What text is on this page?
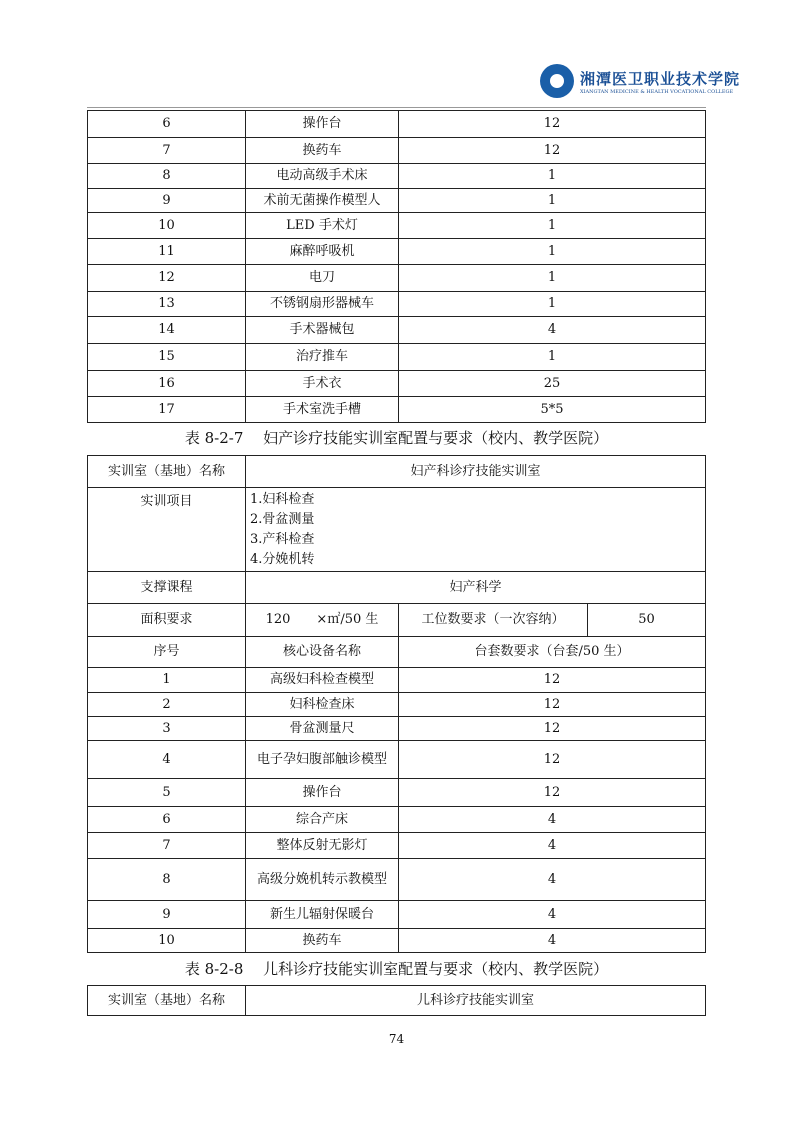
湘潭医卫职业技术学院
XIANGTAN MEDICINE & HEALTH VOCATIONAL COLLEGE
6	操作台	12
7	换药车	12
8	电动高级手术床	1
9	术前无菌操作模型人	1
10	LED 手术灯	1
11	麻醉呼吸机	1
12	电刀	1
13	不锈钢扇形器械车	1
14	手术器械包	4
15	治疗推车	1
16	手术衣	25
17	手术室洗手槽	5*5
表 8-2-7　 妇产诊疗技能实训室配置与要求（校内、教学医院）
实训室（基地）名称	妇产科诊疗技能实训室		
实训项目	1.妇科检查
2.骨盆测量
3.产科检查
4.分娩机转		

支撑课程	妇产科学		
面积要求	120　　×㎡/50 生	工位数要求（一次容纳）	50
序号	核心设备名称	台套数要求（台套/50 生）	
1	高级妇科检查模型	12	
2	妇科检查床	12	
3	骨盆测量尺	12	
4	电子孕妇腹部触诊模型	12	
5	操作台	12	
6	综合产床	4	
7	整体反射无影灯	4	
8	高级分娩机转示教模型	4	
9	新生儿辐射保暖台	4	
10	换药车	4	
表 8-2-8　 儿科诊疗技能实训室配置与要求（校内、教学医院）
实训室（基地）名称	儿科诊疗技能实训室
74
